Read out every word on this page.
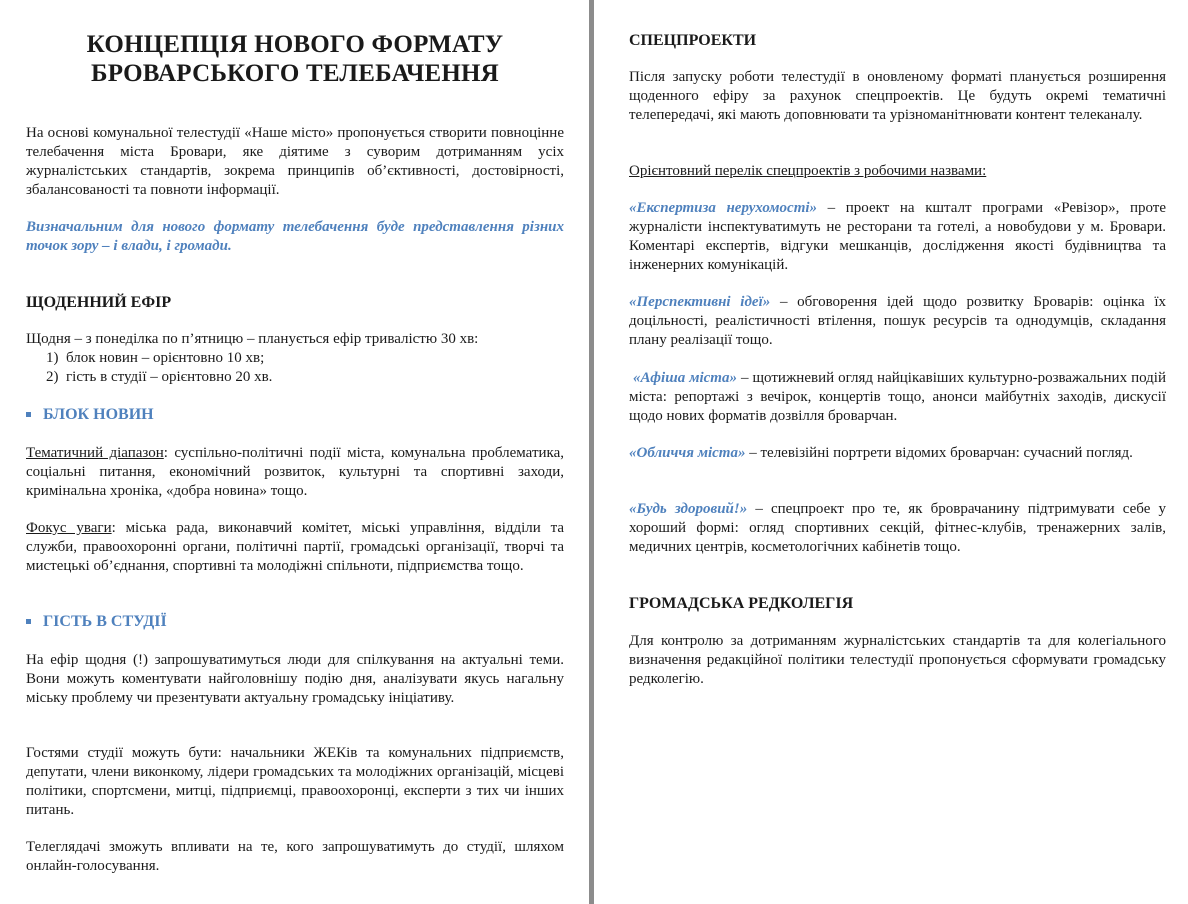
КОНЦЕПЦІЯ НОВОГО ФОРМАТУ
БРОВАРСЬКОГО ТЕЛЕБАЧЕННЯ

На основі комунальної телестудії «Наше місто» пропонується створити повноцінне телебачення міста Бровари, яке діятиме з суворим дотриманням усіх журналістських стандартів, зокрема принципів об’єктивності, достовірності, збалансованості та повноти інформації.

Визначальним для нового формату телебачення буде представлення різних точок зору – і влади, і громади.

ЩОДЕННИЙ ЕФІР

Щодня – з понеділка по п’ятницю – планується ефір тривалістю 30 хв:

1) блок новин – орієнтовно 10 хв;
2) гість в студії – орієнтовно 20 хв.
БЛОК НОВИН

Тематичний діапазон: суспільно-політичні події міста, комунальна проблематика, соціальні питання, економічний розвиток, культурні та спортивні заходи, кримінальна хроніка, «добра новина» тощо.

Фокус уваги: міська рада, виконавчий комітет, міські управління, відділи та служби, правоохоронні органи, політичні партії, громадські організації, творчі та мистецькі об’єднання, спортивні та молодіжні спільноти, підприємства тощо.

ГІСТЬ В СТУДІЇ

На ефір щодня (!) запрошуватимуться люди для спілкування на актуальні теми. Вони можуть коментувати найголовнішу подію дня, аналізувати якусь нагальну міську проблему чи презентувати актуальну громадську ініціативу.

Гостями студії можуть бути: начальники ЖЕКів та комунальних підприємств, депутати, члени виконкому, лідери громадських та молодіжних організацій, місцеві політики, спортсмени, митці, підприємці, правоохоронці, експерти з тих чи інших питань.

Телеглядачі зможуть впливати на те, кого запрошуватимуть до студії, шляхом онлайн-голосування.

СПЕЦПРОЕКТИ

Після запуску роботи телестудії в оновленому форматі планується розширення щоденного ефіру за рахунок спецпроектів. Це будуть окремі тематичні телепередачі, які мають доповнювати та урізноманітнювати контент телеканалу.

Орієнтовний перелік спецпроектів з робочими назвами:

«Експертиза нерухомості» – проект на кшталт програми «Ревізор», проте журналісти інспектуватимуть не ресторани та готелі, а новобудови у м. Бровари. Коментарі експертів, відгуки мешканців, дослідження якості будівництва та інженерних комунікацій.

«Перспективні ідеї» – обговорення ідей щодо розвитку Броварів: оцінка їх доцільності, реалістичності втілення, пошук ресурсів та однодумців, складання плану реалізації тощо.

«Афіша міста» – щотижневий огляд найцікавіших культурно-розважальних подій міста: репортажі з вечірок, концертів тощо, анонси майбутніх заходів, дискусії щодо нових форматів дозвілля броварчан.

«Обличчя міста» – телевізійні портрети відомих броварчан: сучасний погляд.

«Будь здоровий!» – спецпроект про те, як броврачанину підтримувати себе у хороший формі: огляд спортивних секцій, фітнес-клубів, тренажерних залів, медичних центрів, косметологічних кабінетів тощо.

ГРОМАДСЬКА РЕДКОЛЕГІЯ

Для контролю за дотриманням журналістських стандартів та для колегіального визначення редакційної політики телестудії пропонується сформувати громадську редколегію.
